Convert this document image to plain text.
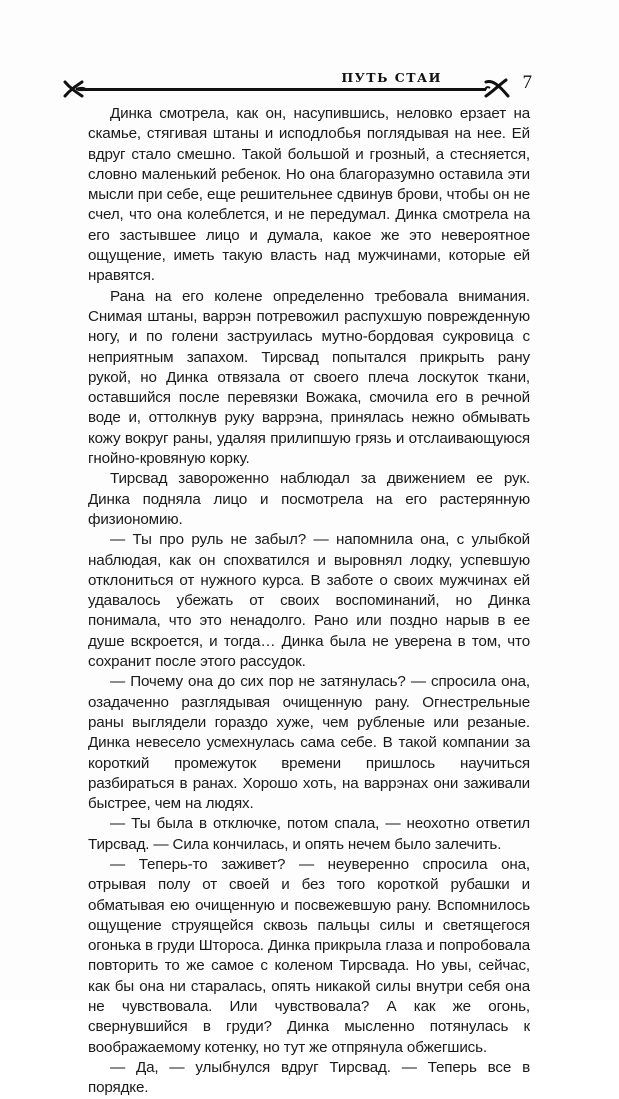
ПУТЬ СТАИ	7

Динка смотрела, как он, насупившись, неловко ерзает на скамье, стягивая штаны и исподлобья поглядывая на нее. Ей вдруг стало смешно. Такой большой и грозный, а стесняется, словно маленький ребенок. Но она благоразумно оставила эти мысли при себе, еще решительнее сдвинув брови, чтобы он не счел, что она колеблется, и не передумал. Динка смотрела на его застывшее лицо и думала, какое же это невероятное ощущение, иметь такую власть над мужчинами, которые ей нравятся.

Рана на его колене определенно требовала внимания. Снимая штаны, варрэн потревожил распухшую поврежденную ногу, и по голени заструилась мутно-бордовая сукровица с неприятным запахом. Тирсвад попытался прикрыть рану рукой, но Динка отвязала от своего плеча лоскуток ткани, оставшийся после перевязки Вожака, смочила его в речной воде и, оттолкнув руку варрэна, принялась нежно обмывать кожу вокруг раны, удаляя прилипшую грязь и отслаивающуюся гнойно-кровяную корку.

Тирсвад завороженно наблюдал за движением ее рук. Динка подняла лицо и посмотрела на его растерянную физиономию.

— Ты про руль не забыл? — напомнила она, с улыбкой наблюдая, как он спохватился и выровнял лодку, успевшую отклониться от нужного курса. В заботе о своих мужчинах ей удавалось убежать от своих воспоминаний, но Динка понимала, что это ненадолго. Рано или поздно нарыв в ее душе вскроется, и тогда… Динка была не уверена в том, что сохранит после этого рассудок.

— Почему она до сих пор не затянулась? — спросила она, озадаченно разглядывая очищенную рану. Огнестрельные раны выглядели гораздо хуже, чем рубленые или резаные. Динка невесело усмехнулась сама себе. В такой компании за короткий промежуток времени пришлось научиться разбираться в ранах. Хорошо хоть, на варрэнах они заживали быстрее, чем на людях.

— Ты была в отключке, потом спала, — неохотно ответил Тирсвад. — Сила кончилась, и опять нечем было залечить.

— Теперь-то заживет? — неуверенно спросила она, отрывая полу от своей и без того короткой рубашки и обматывая ею очищенную и посвежевшую рану. Вспомнилось ощущение струящейся сквозь пальцы силы и светящегося огонька в груди Штороса. Динка прикрыла глаза и попробовала повторить то же самое с коленом Тирсвада. Но увы, сейчас, как бы она ни старалась, опять никакой силы внутри себя она не чувствовала. Или чувствовала? А как же огонь, свернувшийся в груди? Динка мысленно потянулась к воображаемому котенку, но тут же отпрянула обжегшись.

— Да, — улыбнулся вдруг Тирсвад. — Теперь все в порядке.
